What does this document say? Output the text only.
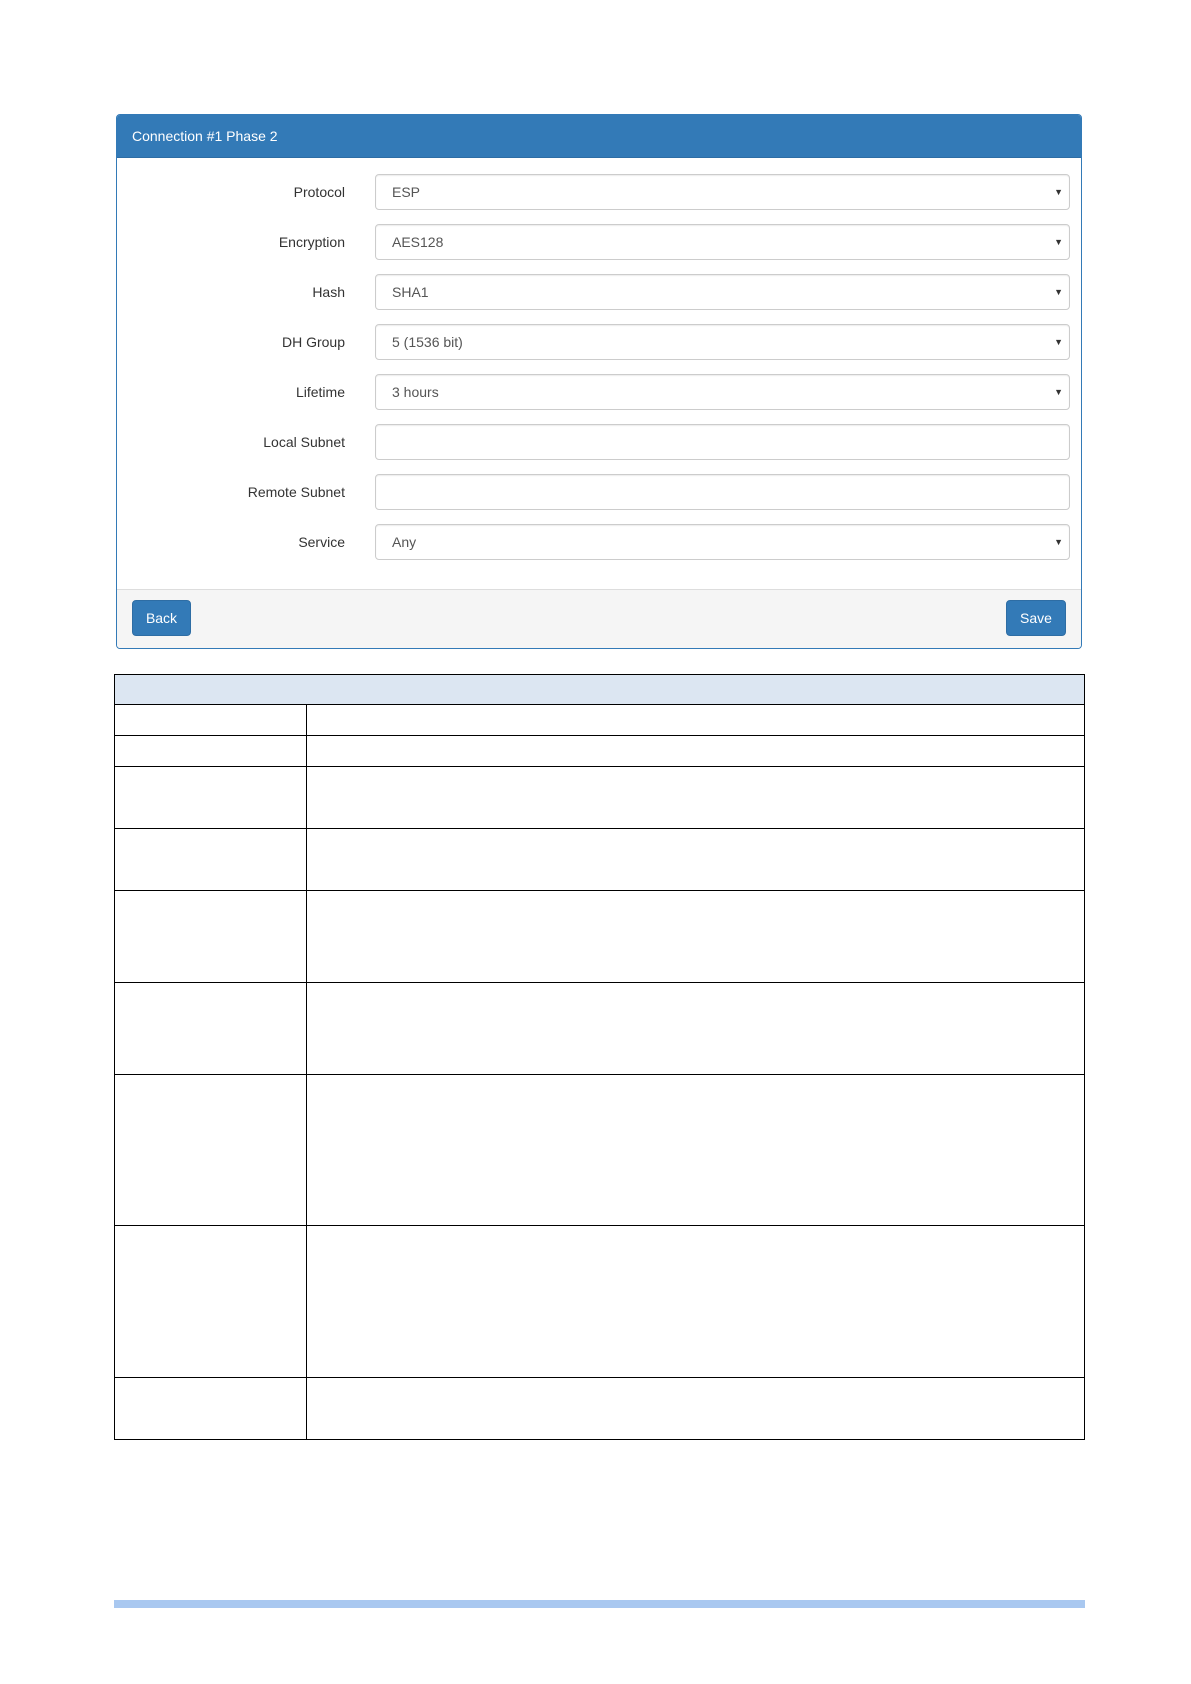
Connection #1 Phase 2
Protocol	ESP	▼
Encryption	AES128	▼
Hash	SHA1	▼
DH Group	5 (1536 bit)	▼
Lifetime	3 hours	▼
Local Subnet
Remote Subnet
Service	Any	▼
Back	Save
